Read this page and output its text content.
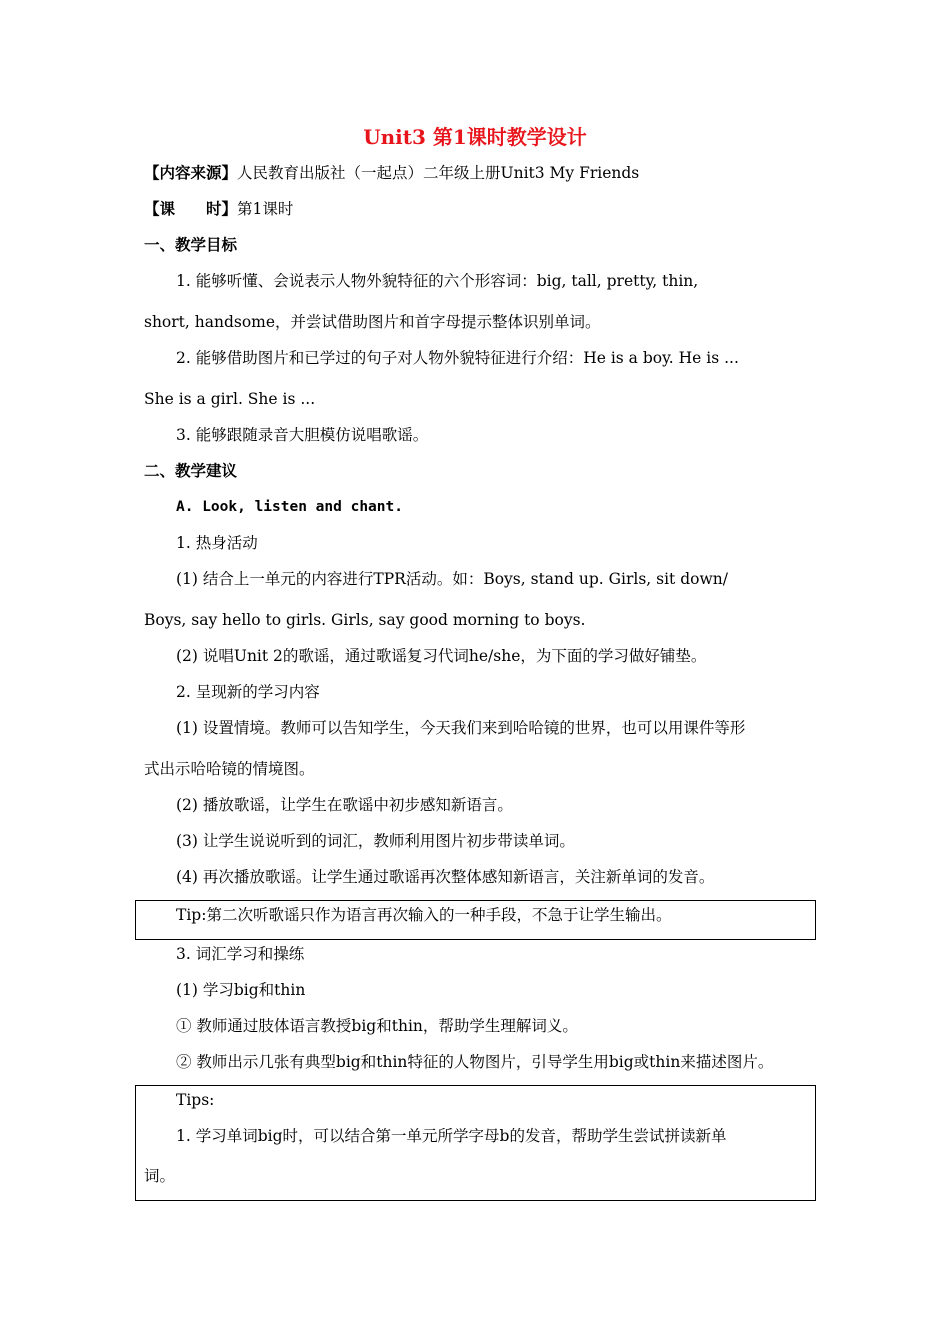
Unit3 第1课时教学设计
【内容来源】人民教育出版社（一起点）二年级上册Unit3 My Friends
【课　　时】第1课时
一、教学目标
1. 能够听懂、会说表示人物外貌特征的六个形容词：big, tall, pretty, thin,
short, handsome，并尝试借助图片和首字母提示整体识别单词。
2. 能够借助图片和已学过的句子对人物外貌特征进行介绍：He is a boy. He is ...
She is a girl. She is ...
3. 能够跟随录音大胆模仿说唱歌谣。
二、教学建议
A. Look, listen and chant.
1. 热身活动
(1) 结合上一单元的内容进行TPR活动。如：Boys, stand up. Girls, sit down/
Boys, say hello to girls. Girls, say good morning to boys.
(2) 说唱Unit 2的歌谣，通过歌谣复习代词he/she，为下面的学习做好铺垫。
2. 呈现新的学习内容
(1) 设置情境。教师可以告知学生，今天我们来到哈哈镜的世界，也可以用课件等形
式出示哈哈镜的情境图。
(2) 播放歌谣，让学生在歌谣中初步感知新语言。
(3) 让学生说说听到的词汇，教师利用图片初步带读单词。
(4) 再次播放歌谣。让学生通过歌谣再次整体感知新语言，关注新单词的发音。
Tip:第二次听歌谣只作为语言再次输入的一种手段，不急于让学生输出。
3. 词汇学习和操练
(1) 学习big和thin
① 教师通过肢体语言教授big和thin，帮助学生理解词义。
② 教师出示几张有典型big和thin特征的人物图片，引导学生用big或thin来描述图片。
Tips:
1. 学习单词big时，可以结合第一单元所学字母b的发音，帮助学生尝试拼读新单
词。
